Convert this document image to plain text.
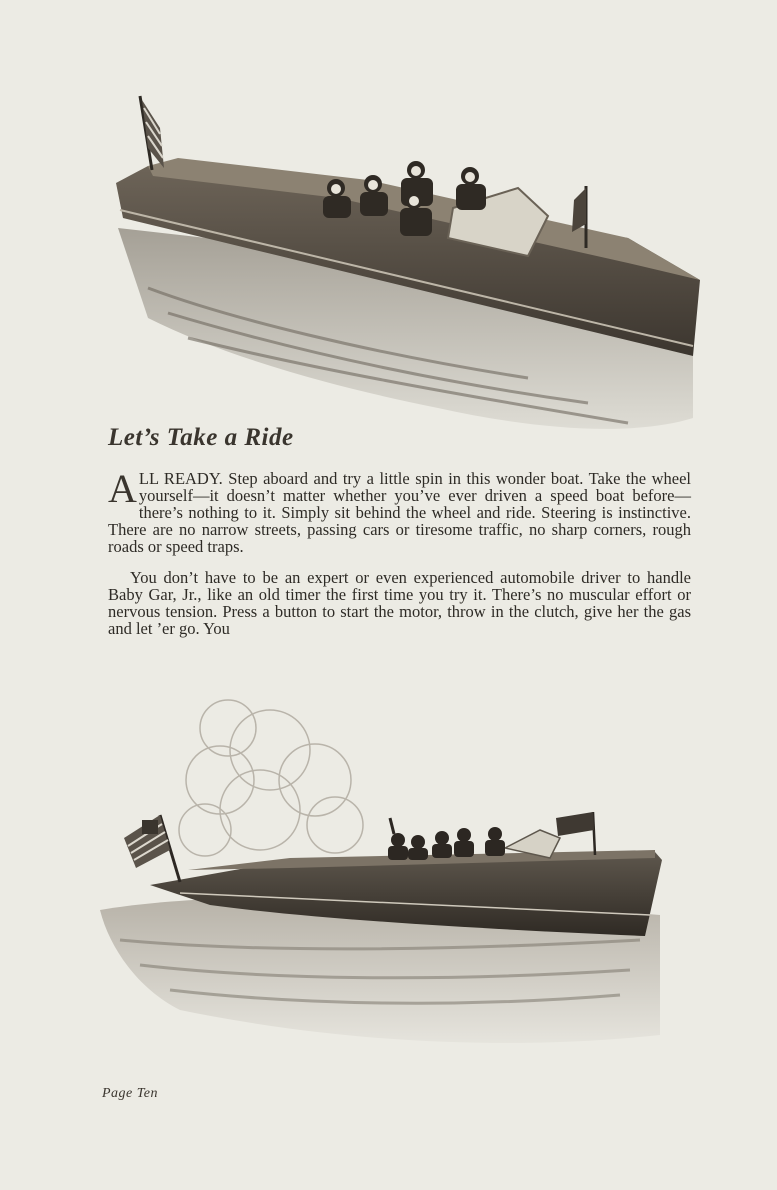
Let’s Take a Ride

ALL READY. Step aboard and try a little spin in this wonder boat. Take the wheel yourself—it doesn’t matter whether you’ve ever driven a speed boat before—there’s nothing to it. Simply sit behind the wheel and ride. Steering is instinctive. There are no narrow streets, passing cars or tiresome traffic, no sharp corners, rough roads or speed traps.

You don’t have to be an expert or even experienced automobile driver to handle Baby Gar, Jr., like an old timer the first time you try it. There’s no muscular effort or nervous tension. Press a button to start the motor, throw in the clutch, give her the gas and let ’er go. You

Page Ten
